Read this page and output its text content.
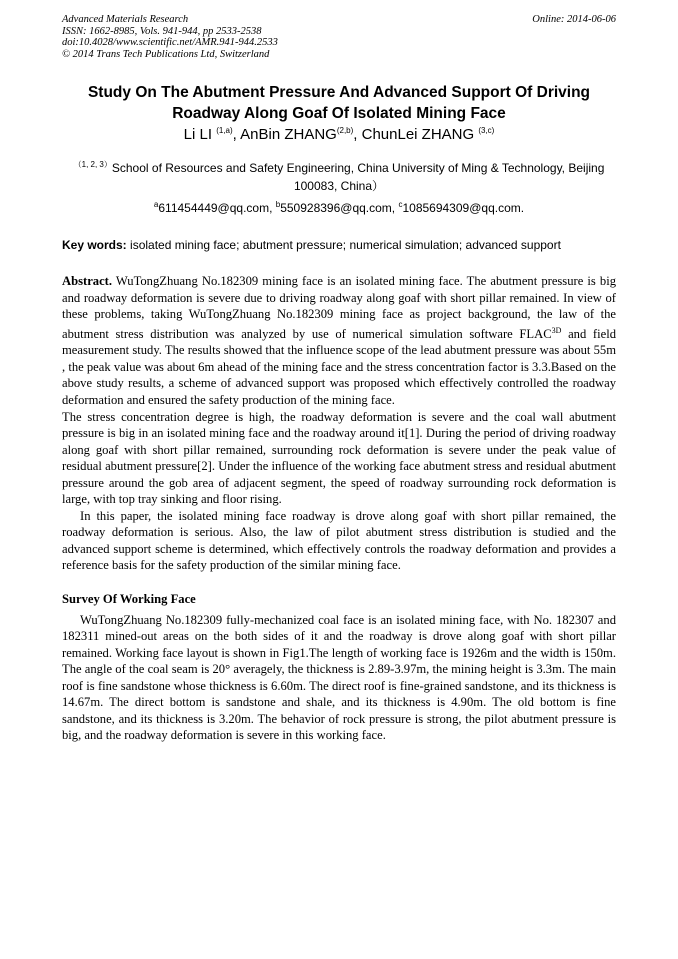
Advanced Materials Research
ISSN: 1662-8985, Vols. 941-944, pp 2533-2538
doi:10.4028/www.scientific.net/AMR.941-944.2533
© 2014 Trans Tech Publications Ltd, Switzerland
Online: 2014-06-06
Study On The Abutment Pressure And Advanced Support Of Driving Roadway Along Goaf Of Isolated Mining Face
Li LI $^{(1,a)}$, AnBin ZHANG$^{(2,b)}$, ChunLei ZHANG $^{(3,c)}$
$^{(1, 2, 3)}$School of Resources and Safety Engineering, China University of Ming & Technology, Beijing 100083, China）
$^a$611454449@qq.com, $^b$550928396@qq.com, $^c$1085694309@qq.com.
Key words: isolated mining face; abutment pressure; numerical simulation; advanced support

Abstract. WuTongZhuang No.182309 mining face is an isolated mining face. The abutment pressure is big and roadway deformation is severe due to driving roadway along goaf with short pillar remained. In view of these problems, taking WuTongZhuang No.182309 mining face as project background, the law of the abutment stress distribution was analyzed by use of numerical simulation software $FLAC^{3D}$ and field measurement study. The results showed that the influence scope of the lead abutment pressure was about 55m , the peak value was about 6m ahead of the mining face and the stress concentration factor is 3.3.Based on the above study results, a scheme of advanced support was proposed which effectively controlled the roadway deformation and ensured the safety production of the mining face.

The stress concentration degree is high, the roadway deformation is severe and the coal wall abutment pressure is big in an isolated mining face and the roadway around it[1]. During the period of driving roadway along goaf with short pillar remained, surrounding rock deformation is severe under the peak value of residual abutment pressure[2]. Under the influence of the working face abutment stress and residual abutment pressure around the gob area of adjacent segment, the speed of roadway surrounding rock deformation is large, with top tray sinking and floor rising.

In this paper, the isolated mining face roadway is drove along goaf with short pillar remained, the roadway deformation is serious. Also, the law of pilot abutment stress distribution is studied and the advanced support scheme is determined, which effectively controls the roadway deformation and provides a reference basis for the safety production of the similar mining face.

Survey Of Working Face

WuTongZhuang No.182309 fully-mechanized coal face is an isolated mining face, with No. 182307 and 182311 mined-out areas on the both sides of it and the roadway is drove along goaf with short pillar remained. Working face layout is shown in Fig1.The length of working face is 1926m and the width is 150m. The angle of the coal seam is 20° averagely, the thickness is 2.89-3.97m, the mining height is 3.3m. The main roof is fine sandstone whose thickness is 6.60m. The direct roof is fine-grained sandstone, and its thickness is 14.67m. The direct bottom is sandstone and shale, and its thickness is 4.90m. The old bottom is fine sandstone, and its thickness is 3.20m. The behavior of rock pressure is strong, the pilot abutment pressure is big, and the roadway deformation is severe in this working face.
